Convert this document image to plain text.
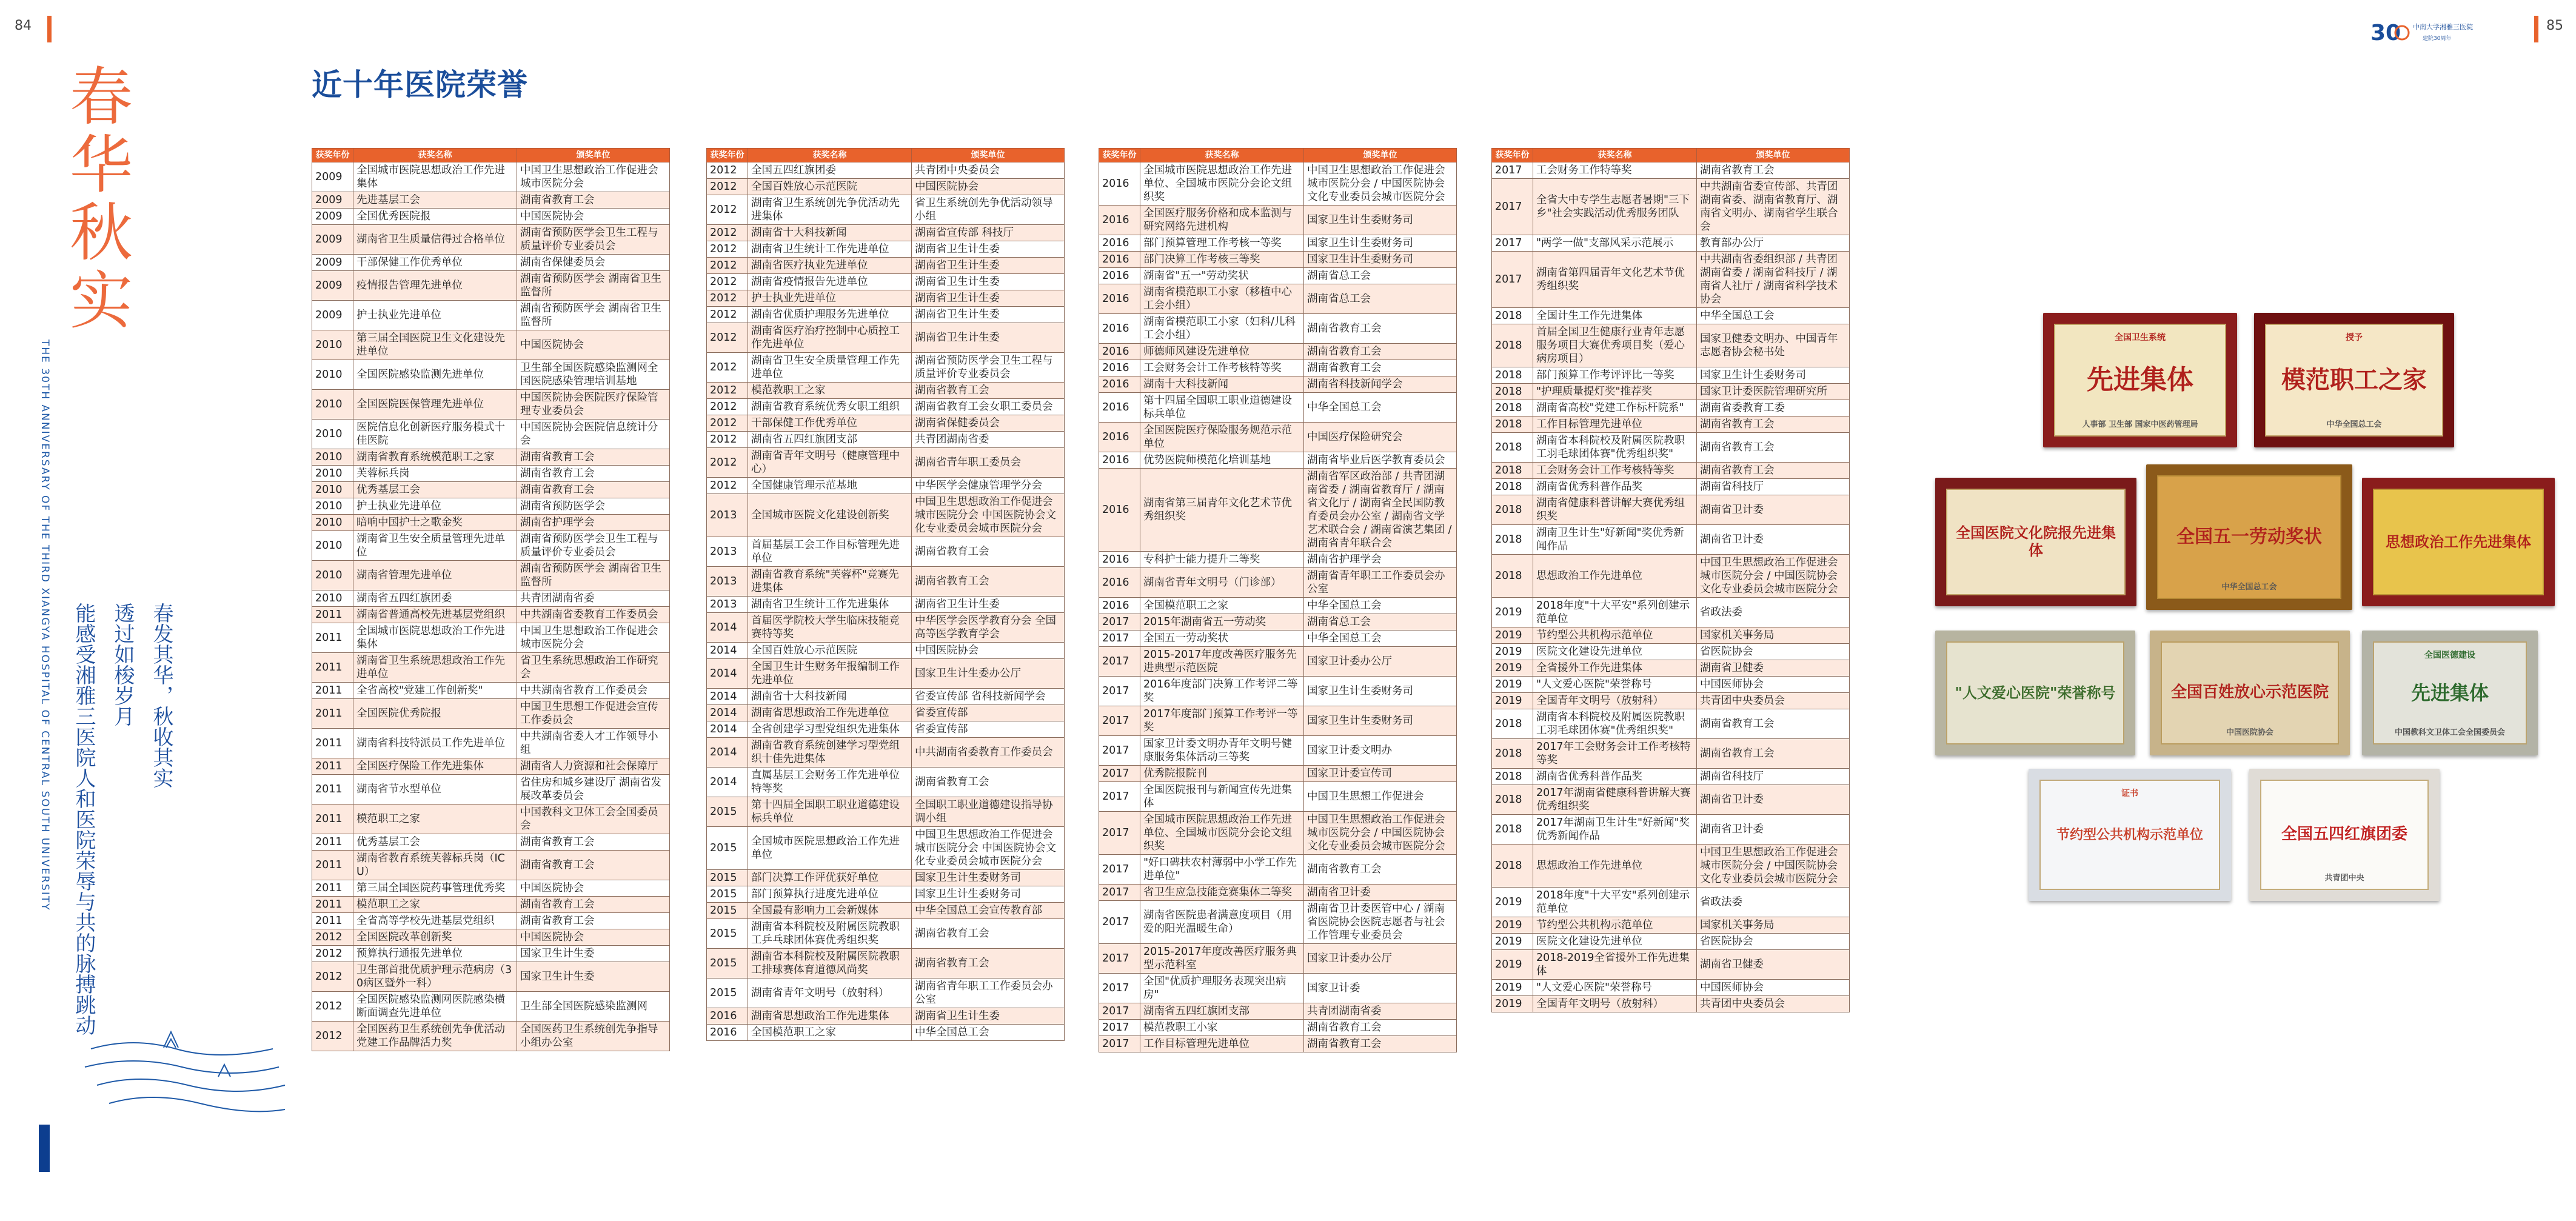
84	85
30 中南大学湘雅三医院
建院30周年
春
华
秋
实
THE 30TH ANNIVERSARY OF THE THIRD XIANGYA HOSPITAL OF CENTRAL SOUTH UNIVERSITY	春发其华，秋收其实
透过如梭岁月
能感受湘雅三医院人和医院荣辱与共的脉搏跳动
近十年医院荣誉
获奖年份	获奖名称	颁奖单位
2009	全国城市医院思想政治工作先进集体	中国卫生思想政治工作促进会城市医院分会
2009	先进基层工会	湖南省教育工会
2009	全国优秀医院报	中国医院协会
2009	湖南省卫生质量信得过合格单位	湖南省预防医学会卫生工程与质量评价专业委员会
2009	干部保健工作优秀单位	湖南省保健委员会
2009	疫情报告管理先进单位	湖南省预防医学会 湖南省卫生监督所
2009	护士执业先进单位	湖南省预防医学会 湖南省卫生监督所
2010	第三届全国医院卫生文化建设先进单位	中国医院协会
2010	全国医院感染监测先进单位	卫生部全国医院感染监测网全国医院感染管理培训基地
2010	全国医院医保管理先进单位	中国医院协会医院医疗保险管理专业委员会
2010	医院信息化创新医疗服务模式十佳医院	中国医院协会医院信息统计分会
2010	湖南省教育系统模范职工之家	湖南省教育工会
2010	芙蓉标兵岗	湖南省教育工会
2010	优秀基层工会	湖南省教育工会
2010	护士执业先进单位	湖南省预防医学会
2010	暗响中国护士之歌金奖	湖南省护理学会
2010	湖南省卫生安全质量管理先进单位	湖南省预防医学会卫生工程与质量评价专业委员会
2010	湖南省管理先进单位	湖南省预防医学会 湖南省卫生监督所
2010	湖南省五四红旗团委	共青团湖南省委
2011	湖南省普通高校先进基层党组织	中共湖南省委教育工作委员会
2011	全国城市医院思想政治工作先进集体	中国卫生思想政治工作促进会城市医院分会
2011	湖南省卫生系统思想政治工作先进单位	省卫生系统思想政治工作研究会
2011	全省高校"党建工作创新奖"	中共湖南省教育工作委员会
2011	全国医院优秀院报	中国卫生思想工作促进会宣传工作委员会
2011	湖南省科技特派员工作先进单位	中共湖南省委人才工作领导小组
2011	全国医疗保险工作先进集体	湖南省人力资源和社会保障厅
2011	湖南省节水型单位	省住房和城乡建设厅 湖南省发展改革委员会
2011	模范职工之家	中国教科文卫体工会全国委员会
2011	优秀基层工会	湖南省教育工会
2011	湖南省教育系统芙蓉标兵岗（ICU）	湖南省教育工会
2011	第三届全国医院药事管理优秀奖	中国医院协会
2011	模范职工之家	湖南省教育工会
2011	全省高等学校先进基层党组织	湖南省教育工会
2012	全国医院改革创新奖	中国医院协会
2012	预算执行通报先进单位	国家卫生计生委
2012	卫生部首批优质护理示范病房（30病区暨外一科）	国家卫生计生委
2012	全国医院感染监测网医院感染横断面调查先进单位	卫生部全国医院感染监测网
2012	全国医药卫生系统创先争优活动党建工作品牌活力奖	全国医药卫生系统创先争指导小组办公室
获奖年份	获奖名称	颁奖单位
2012	全国五四红旗团委	共青团中央委员会
2012	全国百姓放心示范医院	中国医院协会
2012	湖南省卫生系统创先争优活动先进集体	省卫生系统创先争优活动领导小组
2012	湖南省十大科技新闻	湖南省宣传部 科技厅
2012	湖南省卫生统计工作先进单位	湖南省卫生计生委
2012	湖南省医疗执业先进单位	湖南省卫生计生委
2012	湖南省疫情报告先进单位	湖南省卫生计生委
2012	护士执业先进单位	湖南省卫生计生委
2012	湖南省优质护理服务先进单位	湖南省卫生计生委
2012	湖南省医疗治疗控制中心质控工作先进单位	湖南省卫生计生委
2012	湖南省卫生安全质量管理工作先进单位	湖南省预防医学会卫生工程与质量评价专业委员会
2012	模范教职工之家	湖南省教育工会
2012	湖南省教育系统优秀女职工组织	湖南省教育工会女职工委员会
2012	干部保健工作优秀单位	湖南省保健委员会
2012	湖南省五四红旗团支部	共青团湖南省委
2012	湖南省青年文明号（健康管理中心）	湖南省青年职工委员会
2012	全国健康管理示范基地	中华医学会健康管理学分会
2013	全国城市医院文化建设创新奖	中国卫生思想政治工作促进会城市医院分会 中国医院协会文化专业委员会城市医院分会
2013	首届基层工会工作目标管理先进单位	湖南省教育工会
2013	湖南省教育系统"芙蓉杯"竞赛先进集体	湖南省教育工会
2013	湖南省卫生统计工作先进集体	湖南省卫生计生委
2014	首届医学院校大学生临床技能竞赛特等奖	中华医学会医学教育分会 全国高等医学教育学会
2014	全国百姓放心示范医院	中国医院协会
2014	全国卫生计生财务年报编制工作先进单位	国家卫生计生委办公厅
2014	湖南省十大科技新闻	省委宣传部 省科技新闻学会
2014	湖南省思想政治工作先进单位	省委宣传部
2014	全省创建学习型党组织先进集体	省委宣传部
2014	湖南省教育系统创建学习型党组织十佳先进集体	中共湖南省委教育工作委员会
2014	直属基层工会财务工作先进单位特等奖	湖南省教育工会
2015	第十四届全国职工职业道德建设标兵单位	全国职工职业道德建设指导协调小组
2015	全国城市医院思想政治工作先进单位	中国卫生思想政治工作促进会城市医院分会 中国医院协会文化专业委员会城市医院分会
2015	部门决算工作评优获好单位	国家卫生计生委财务司
2015	部门预算执行进度先进单位	国家卫生计生委财务司
2015	全国最有影响力工会新媒体	中华全国总工会宣传教育部
2015	湖南省本科院校及附属医院教职工乒乓球团体赛优秀组织奖	湖南省教育工会
2015	湖南省本科院校及附属医院教职工排球赛体育道德风尚奖	湖南省教育工会
2015	湖南省青年文明号（放射科）	湖南省青年职工工作委员会办公室
2016	湖南省思想政治工作先进集体	湖南省卫生计生委
2016	全国模范职工之家	中华全国总工会
获奖年份	获奖名称	颁奖单位
2016	全国城市医院思想政治工作先进单位、全国城市医院分会论文组织奖	中国卫生思想政治工作促进会城市医院分会 / 中国医院协会文化专业委员会城市医院分会
2016	全国医疗服务价格和成本监测与研究网络先进机构	国家卫生计生委财务司
2016	部门预算管理工作考核一等奖	国家卫生计生委财务司
2016	部门决算工作考核三等奖	国家卫生计生委财务司
2016	湖南省"五一"劳动奖状	湖南省总工会
2016	湖南省模范职工小家（移植中心工会小组）	湖南省总工会
2016	湖南省模范职工小家（妇科/儿科工会小组）	湖南省教育工会
2016	师德师风建设先进单位	湖南省教育工会
2016	工会财务会计工作考核特等奖	湖南省教育工会
2016	湖南十大科技新闻	湖南省科技新闻学会
2016	第十四届全国职工职业道德建设标兵单位	中华全国总工会
2016	全国医院医疗保险服务规范示范单位	中国医疗保险研究会
2016	优势医院师模范化培训基地	湖南省毕业后医学教育委员会
2016	湖南省第三届青年文化艺术节优秀组织奖	湖南省军区政治部 / 共青团湖南省委 / 湖南省教育厅 / 湖南省文化厅 / 湖南省全民国防教育委员会办公室 / 湖南省文学艺术联合会 / 湖南省演艺集团 / 湖南省青年联合会
2016	专科护士能力提升二等奖	湖南省护理学会
2016	湖南省青年文明号（门诊部）	湖南省青年职工工作委员会办公室
2016	全国模范职工之家	中华全国总工会
2017	2015年湖南省五一劳动奖	湖南省总工会
2017	全国五一劳动奖状	中华全国总工会
2017	2015-2017年度改善医疗服务先进典型示范医院	国家卫计委办公厅
2017	2016年度部门决算工作考评二等奖	国家卫生计生委财务司
2017	2017年度部门预算工作考评一等奖	国家卫生计生委财务司
2017	国家卫计委文明办青年文明号健康服务集体活动三等奖	国家卫计委文明办
2017	优秀院报院刊	国家卫计委宣传司
2017	全国医院报刊与新闻宣传先进集体	中国卫生思想工作促进会
2017	全国城市医院思想政治工作先进单位、全国城市医院分会论文组织奖	中国卫生思想政治工作促进会城市医院分会 / 中国医院协会文化专业委员会城市医院分会
2017	"好口碑扶农村薄弱中小学工作先进单位"	湖南省教育工会
2017	省卫生应急技能竞赛集体二等奖	湖南省卫计委
2017	湖南省医院患者满意度项目（用爱的阳光温暖生命）	湖南省卫计委医管中心 / 湖南省医院协会医院志愿者与社会工作管理专业委员会
2017	2015-2017年度改善医疗服务典型示范科室	国家卫计委办公厅
2017	全国"优质护理服务表现突出病房"	国家卫计委
2017	湖南省五四红旗团支部	共青团湖南省委
2017	模范教职工小家	湖南省教育工会
2017	工作目标管理先进单位	湖南省教育工会
获奖年份	获奖名称	颁奖单位
2017	工会财务工作特等奖	湖南省教育工会
2017	全省大中专学生志愿者暑期"三下乡"社会实践活动优秀服务团队	中共湖南省委宣传部、共青团湖南省委、湖南省教育厅、湖南省文明办、湖南省学生联合会
2017	"两学一做"支部风采示范展示	教育部办公厅
2017	湖南省第四届青年文化艺术节优秀组织奖	中共湖南省委组织部 / 共青团湖南省委 / 湖南省科技厅 / 湖南省人社厅 / 湖南省科学技术协会
2018	全国计生工作先进集体	中华全国总工会
2018	首届全国卫生健康行业青年志愿服务项目大赛优秀项目奖（爱心病房项目）	国家卫健委文明办、中国青年志愿者协会秘书处
2018	部门预算工作考评评比一等奖	国家卫生计生委财务司
2018	"护理质量提灯奖"推荐奖	国家卫计委医院管理研究所
2018	湖南省高校"党建工作标杆院系"	湖南省委教育工委
2018	工作目标管理先进单位	湖南省教育工会
2018	湖南省本科院校及附属医院教职工羽毛球团体赛"优秀组织奖"	湖南省教育工会
2018	工会财务会计工作考核特等奖	湖南省教育工会
2018	湖南省优秀科普作品奖	湖南省科技厅
2018	湖南省健康科普讲解大赛优秀组织奖	湖南省卫计委
2018	湖南卫生计生"好新闻"奖优秀新闻作品	湖南省卫计委
2018	思想政治工作先进单位	中国卫生思想政治工作促进会城市医院分会 / 中国医院协会文化专业委员会城市医院分会
2019	2018年度"十大平安"系列创建示范单位	省政法委
2019	节约型公共机构示范单位	国家机关事务局
2019	医院文化建设先进单位	省医院协会
2019	全省援外工作先进集体	湖南省卫健委
2019	"人文爱心医院"荣誉称号	中国医师协会
2019	全国青年文明号（放射科）	共青团中央委员会
2018	湖南省本科院校及附属医院教职工羽毛球团体赛"优秀组织奖"	湖南省教育工会
2018	2017年工会财务会计工作考核特等奖	湖南省教育工会
2018	湖南省优秀科普作品奖	湖南省科技厅
2018	2017年湖南省健康科普讲解大赛优秀组织奖	湖南省卫计委
2018	2017年湖南卫生计生"好新闻"奖优秀新闻作品	湖南省卫计委
2018	思想政治工作先进单位	中国卫生思想政治工作促进会城市医院分会 / 中国医院协会文化专业委员会城市医院分会
2019	2018年度"十大平安"系列创建示范单位	省政法委
2019	节约型公共机构示范单位	国家机关事务局
2019	医院文化建设先进单位	省医院协会
2019	2018-2019全省援外工作先进集体	湖南省卫健委
2019	"人文爱心医院"荣誉称号	中国医师协会
2019	全国青年文明号（放射科）	共青团中央委员会
全国卫生系统
先进集体
人事部 卫生部 国家中医药管理局
授予
模范职工之家
中华全国总工会
全国医院文化院报先进集体
全国五一劳动奖状
中华全国总工会
思想政治工作先进集体
"人文爱心医院"荣誉称号	全国百姓放心示范医院
中国医院协会
全国医德建设
先进集体
中国教科文卫体工会全国委员会
证书
节约型公共机构示范单位	全国五四红旗团委
共青团中央
